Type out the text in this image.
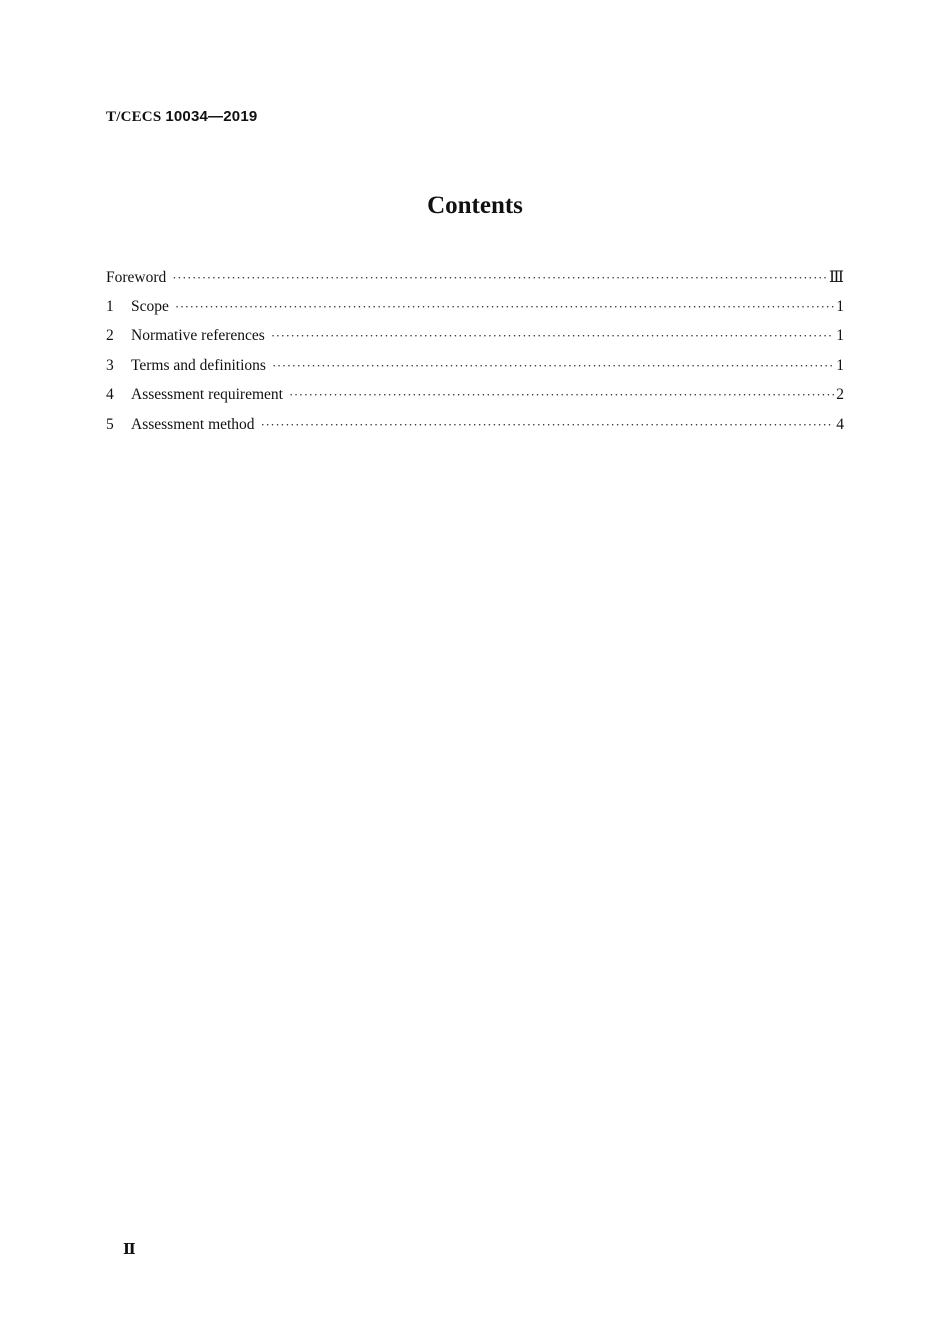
T/CECS 10034—2019
Contents
Foreword ·····	Ⅲ
1	Scope ·····	1
2	Normative references ·····	1
3	Terms and definitions ·····	1
4	Assessment requirement ·····	2
5	Assessment method ·····	4
Ⅱ
